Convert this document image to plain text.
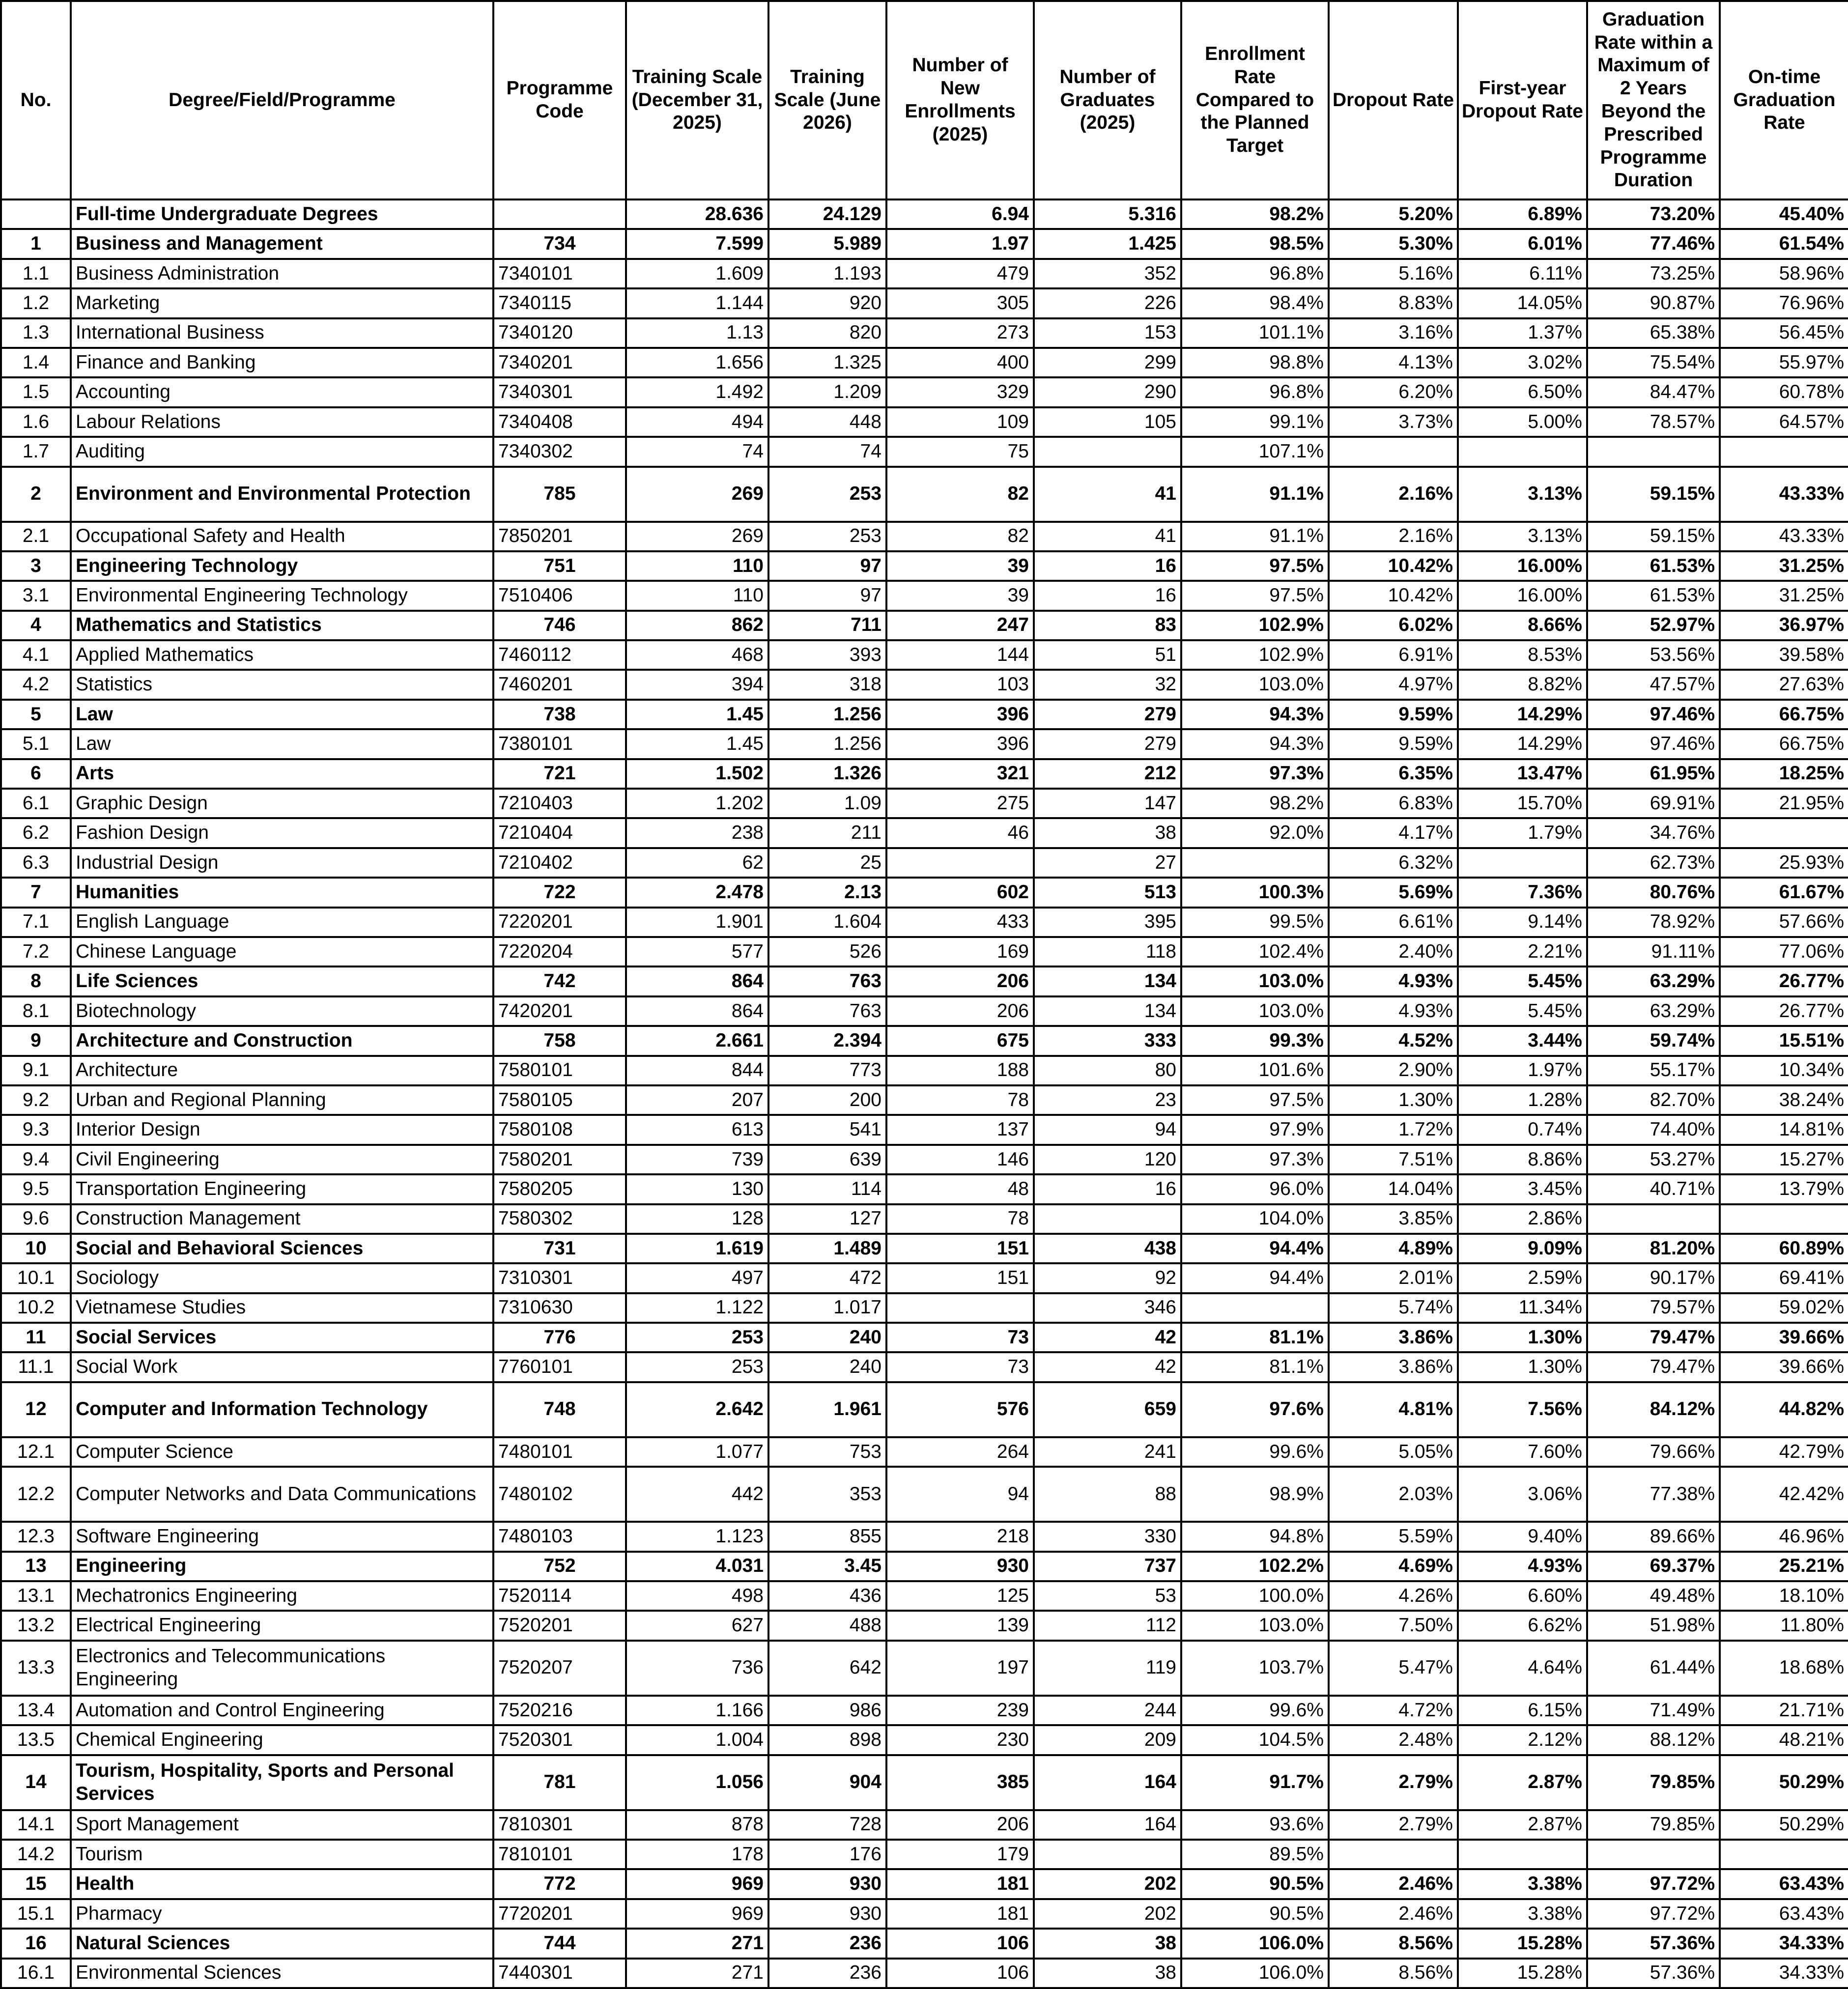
No.	Degree/Field/Programme	Programme Code	Training Scale (December 31, 2025)	Training Scale (June 2026)	Number of New Enrollments (2025)	Number of Graduates (2025)	Enrollment Rate Compared to the Planned Target	Dropout Rate	First-year Dropout Rate	Graduation Rate within a Maximum of 2 Years Beyond the Prescribed Programme Duration	On-time Graduation Rate
	Full-time Undergraduate Degrees		28.636	24.129	6.94	5.316	98.2%	5.20%	6.89%	73.20%	45.40%
1	Business and Management	734	7.599	5.989	1.97	1.425	98.5%	5.30%	6.01%	77.46%	61.54%
1.1	Business Administration	7340101	1.609	1.193	479	352	96.8%	5.16%	6.11%	73.25%	58.96%
1.2	Marketing	7340115	1.144	920	305	226	98.4%	8.83%	14.05%	90.87%	76.96%
1.3	International Business	7340120	1.13	820	273	153	101.1%	3.16%	1.37%	65.38%	56.45%
1.4	Finance and Banking	7340201	1.656	1.325	400	299	98.8%	4.13%	3.02%	75.54%	55.97%
1.5	Accounting	7340301	1.492	1.209	329	290	96.8%	6.20%	6.50%	84.47%	60.78%
1.6	Labour Relations	7340408	494	448	109	105	99.1%	3.73%	5.00%	78.57%	64.57%
1.7	Auditing	7340302	74	74	75		107.1%				
2	Environment and Environmental Protection	785	269	253	82	41	91.1%	2.16%	3.13%	59.15%	43.33%
2.1	Occupational Safety and Health	7850201	269	253	82	41	91.1%	2.16%	3.13%	59.15%	43.33%
3	Engineering Technology	751	110	97	39	16	97.5%	10.42%	16.00%	61.53%	31.25%
3.1	Environmental Engineering Technology	7510406	110	97	39	16	97.5%	10.42%	16.00%	61.53%	31.25%
4	Mathematics and Statistics	746	862	711	247	83	102.9%	6.02%	8.66%	52.97%	36.97%
4.1	Applied Mathematics	7460112	468	393	144	51	102.9%	6.91%	8.53%	53.56%	39.58%
4.2	Statistics	7460201	394	318	103	32	103.0%	4.97%	8.82%	47.57%	27.63%
5	Law	738	1.45	1.256	396	279	94.3%	9.59%	14.29%	97.46%	66.75%
5.1	Law	7380101	1.45	1.256	396	279	94.3%	9.59%	14.29%	97.46%	66.75%
6	Arts	721	1.502	1.326	321	212	97.3%	6.35%	13.47%	61.95%	18.25%
6.1	Graphic Design	7210403	1.202	1.09	275	147	98.2%	6.83%	15.70%	69.91%	21.95%
6.2	Fashion Design	7210404	238	211	46	38	92.0%	4.17%	1.79%	34.76%	
6.3	Industrial Design	7210402	62	25		27		6.32%		62.73%	25.93%
7	Humanities	722	2.478	2.13	602	513	100.3%	5.69%	7.36%	80.76%	61.67%
7.1	English Language	7220201	1.901	1.604	433	395	99.5%	6.61%	9.14%	78.92%	57.66%
7.2	Chinese Language	7220204	577	526	169	118	102.4%	2.40%	2.21%	91.11%	77.06%
8	Life Sciences	742	864	763	206	134	103.0%	4.93%	5.45%	63.29%	26.77%
8.1	Biotechnology	7420201	864	763	206	134	103.0%	4.93%	5.45%	63.29%	26.77%
9	Architecture and Construction	758	2.661	2.394	675	333	99.3%	4.52%	3.44%	59.74%	15.51%
9.1	Architecture	7580101	844	773	188	80	101.6%	2.90%	1.97%	55.17%	10.34%
9.2	Urban and Regional Planning	7580105	207	200	78	23	97.5%	1.30%	1.28%	82.70%	38.24%
9.3	Interior Design	7580108	613	541	137	94	97.9%	1.72%	0.74%	74.40%	14.81%
9.4	Civil Engineering	7580201	739	639	146	120	97.3%	7.51%	8.86%	53.27%	15.27%
9.5	Transportation Engineering	7580205	130	114	48	16	96.0%	14.04%	3.45%	40.71%	13.79%
9.6	Construction Management	7580302	128	127	78		104.0%	3.85%	2.86%		
10	Social and Behavioral Sciences	731	1.619	1.489	151	438	94.4%	4.89%	9.09%	81.20%	60.89%
10.1	Sociology	7310301	497	472	151	92	94.4%	2.01%	2.59%	90.17%	69.41%
10.2	Vietnamese Studies	7310630	1.122	1.017		346		5.74%	11.34%	79.57%	59.02%
11	Social Services	776	253	240	73	42	81.1%	3.86%	1.30%	79.47%	39.66%
11.1	Social Work	7760101	253	240	73	42	81.1%	3.86%	1.30%	79.47%	39.66%
12	Computer and Information Technology	748	2.642	1.961	576	659	97.6%	4.81%	7.56%	84.12%	44.82%
12.1	Computer Science	7480101	1.077	753	264	241	99.6%	5.05%	7.60%	79.66%	42.79%
12.2	Computer Networks and Data Communications	7480102	442	353	94	88	98.9%	2.03%	3.06%	77.38%	42.42%
12.3	Software Engineering	7480103	1.123	855	218	330	94.8%	5.59%	9.40%	89.66%	46.96%
13	Engineering	752	4.031	3.45	930	737	102.2%	4.69%	4.93%	69.37%	25.21%
13.1	Mechatronics Engineering	7520114	498	436	125	53	100.0%	4.26%	6.60%	49.48%	18.10%
13.2	Electrical Engineering	7520201	627	488	139	112	103.0%	7.50%	6.62%	51.98%	11.80%
13.3	Electronics and Telecommunications Engineering	7520207	736	642	197	119	103.7%	5.47%	4.64%	61.44%	18.68%
13.4	Automation and Control Engineering	7520216	1.166	986	239	244	99.6%	4.72%	6.15%	71.49%	21.71%
13.5	Chemical Engineering	7520301	1.004	898	230	209	104.5%	2.48%	2.12%	88.12%	48.21%
14	Tourism, Hospitality, Sports and Personal Services	781	1.056	904	385	164	91.7%	2.79%	2.87%	79.85%	50.29%
14.1	Sport Management	7810301	878	728	206	164	93.6%	2.79%	2.87%	79.85%	50.29%
14.2	Tourism	7810101	178	176	179		89.5%				
15	Health	772	969	930	181	202	90.5%	2.46%	3.38%	97.72%	63.43%
15.1	Pharmacy	7720201	969	930	181	202	90.5%	2.46%	3.38%	97.72%	63.43%
16	Natural Sciences	744	271	236	106	38	106.0%	8.56%	15.28%	57.36%	34.33%
16.1	Environmental Sciences	7440301	271	236	106	38	106.0%	8.56%	15.28%	57.36%	34.33%
